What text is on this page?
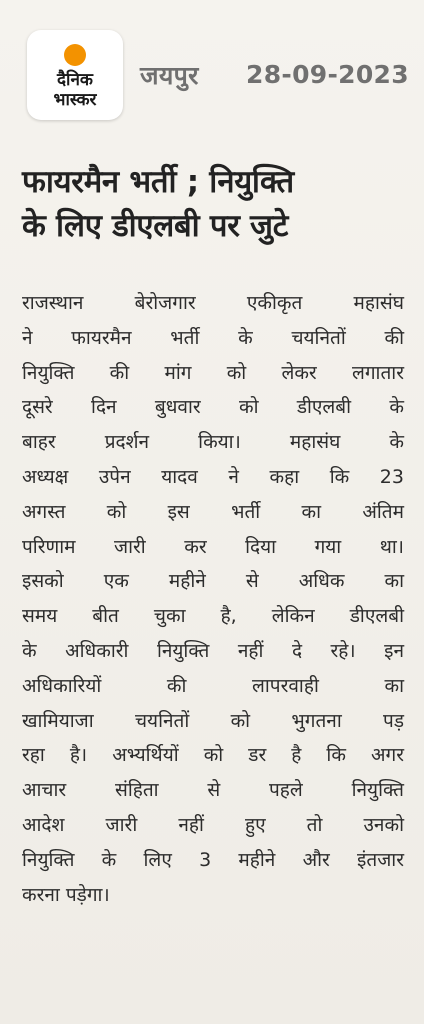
दैनिक
भास्कर
जयपुर 28-09-2023
फायरमैन भर्ती ; नियुक्ति
के लिए डीएलबी पर जुटे
राजस्थान बेरोजगार एकीकृत महासंघ
ने फायरमैन भर्ती के चयनितों की
नियुक्ति की मांग को लेकर लगातार
दूसरे दिन बुधवार को डीएलबी के
बाहर प्रदर्शन किया। महासंघ के
अध्यक्ष उपेन यादव ने कहा कि 23
अगस्त को इस भर्ती का अंतिम
परिणाम जारी कर दिया गया था।
इसको एक महीने से अधिक का
समय बीत चुका है, लेकिन डीएलबी
के अधिकारी नियुक्ति नहीं दे रहे। इन
अधिकारियों की लापरवाही का
खामियाजा चयनितों को भुगतना पड़
रहा है। अभ्यर्थियों को डर है कि अगर
आचार संहिता से पहले नियुक्ति
आदेश जारी नहीं हुए तो उनको
नियुक्ति के लिए 3 महीने और इंतजार
करना पड़ेगा।
